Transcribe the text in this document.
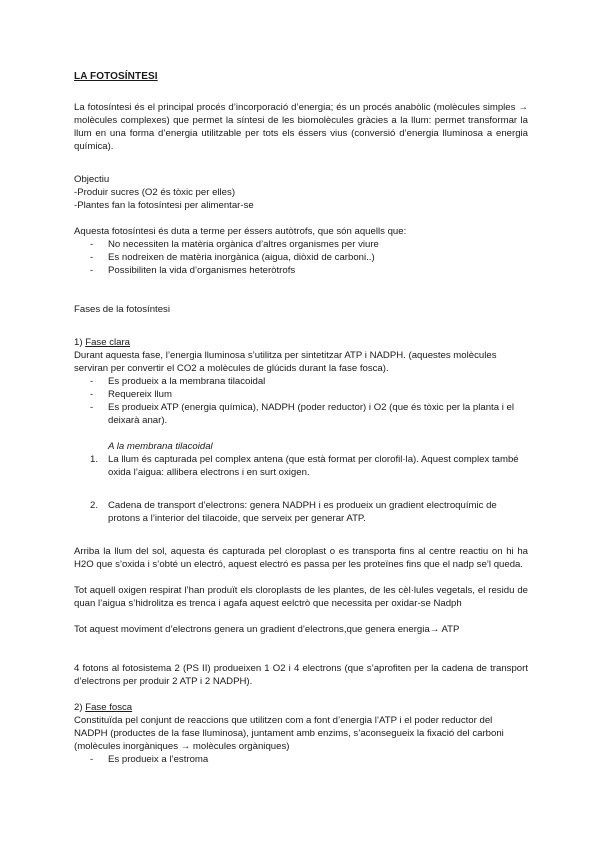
LA FOTOSÍNTESI

La fotosíntesi és el principal procés d’incorporació d’energia; és un procés anabòlic (molècules simples → molècules complexes) que permet la síntesi de les biomolècules gràcies a la llum: permet transformar la llum en una forma d’energia utilitzable per tots els éssers vius (conversió d’energia lluminosa a energia química).

Objectiu

-Produir sucres (O2 és tòxic per elles)

-Plantes fan la fotosíntesi per alimentar-se

Aquesta fotosíntesi és duta a terme per éssers autòtrofs, que són aquells que:

- No necessiten la matèria orgànica d’altres organismes per viure
- Es nodreixen de matèria inorgànica (aigua, diòxid de carboni..)
- Possibiliten la vida d’organismes heteròtrofs

Fases de la fotosíntesi

1) Fase clara

Durant aquesta fase, l’energia lluminosa s’utilitza per sintetitzar ATP i NADPH. (aquestes molècules serviran per convertir el CO2 a molècules de glúcids durant la fase fosca).

- Es produeix a la membrana tilacoidal
- Requereix llum
- Es produeix ATP (energia química), NADPH (poder reductor) i O2 (que és tòxic per la planta i el deixarà anar).

A la membrana tilacoidal

1. La llum és capturada pel complex antena (que està format per clorofil·la). Aquest complex també oxida l’aigua: allibera electrons i en surt oxigen.
2. Cadena de transport d’electrons: genera NADPH i es produeix un gradient electroquímic de protons a l’interior del tilacoide, que serveix per generar ATP.

Arriba la llum del sol, aquesta és capturada pel cloroplast o es transporta fins al centre reactiu on hi ha H2O que s’oxida i s’obté un electró, aquest electró es passa per les proteïnes fins que el nadp se’l queda.

Tot aquell oxigen respirat l’han produït els cloroplasts de les plantes, de les cèl·lules vegetals, el residu de quan l’aigua s’hidrolitza es trenca i agafa aquest eelctrò que necessita per oxidar-se Nadph

Tot aquest moviment d’electrons genera un gradient d’electrons,que genera energia→ ATP

4 fotons al fotosistema 2 (PS II) produeixen 1 O2 i 4 electrons (que s’aprofiten per la cadena de transport d’electrons per produir 2 ATP i 2 NADPH).

2) Fase fosca

Constituïda pel conjunt de reaccions que utilitzen com a font d’energia l’ATP i el poder reductor del NADPH (productes de la fase lluminosa), juntament amb enzims, s’aconsegueix la fixació del carboni (molècules inorgàniques → molècules orgàniques)

- Es produeix a l’estroma
